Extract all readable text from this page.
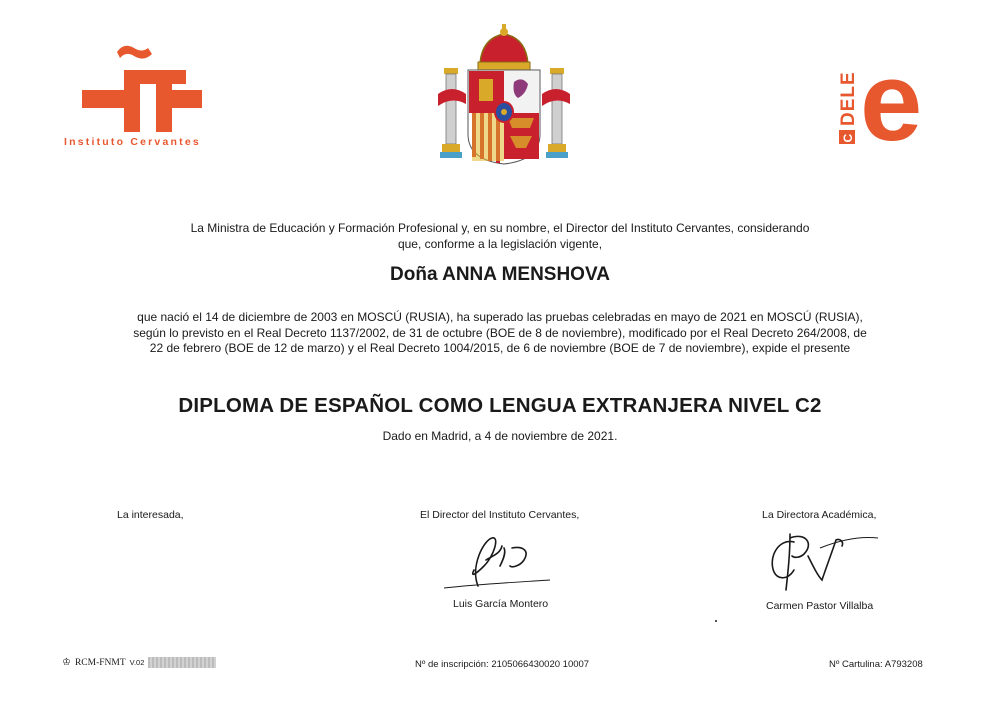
Instituto Cervantes	C
DELE e
La Ministra de Educación y Formación Profesional y, en su nombre, el Director del Instituto Cervantes, considerando que, conforme a la legislación vigente,
Doña ANNA MENSHOVA
que nació el 14 de diciembre de 2003 en MOSCÚ (RUSIA), ha superado las pruebas celebradas en mayo de 2021 en MOSCÚ (RUSIA), según lo previsto en el Real Decreto 1137/2002, de 31 de octubre (BOE de 8 de noviembre), modificado por el Real Decreto 264/2008, de 22 de febrero (BOE de 12 de marzo) y el Real Decreto 1004/2015, de 6 de noviembre (BOE de 7 de noviembre), expide el presente
DIPLOMA DE ESPAÑOL COMO LENGUA EXTRANJERA NIVEL C2
Dado en Madrid, a 4 de noviembre de 2021.
La interesada,	El Director del Instituto Cervantes,	La Directora Académica,
Luis García Montero	Carmen Pastor Villalba
♔ RCM-FNMT V.02	Nº de inscripción: 2105066430020 10007	Nº Cartulina: A793208
